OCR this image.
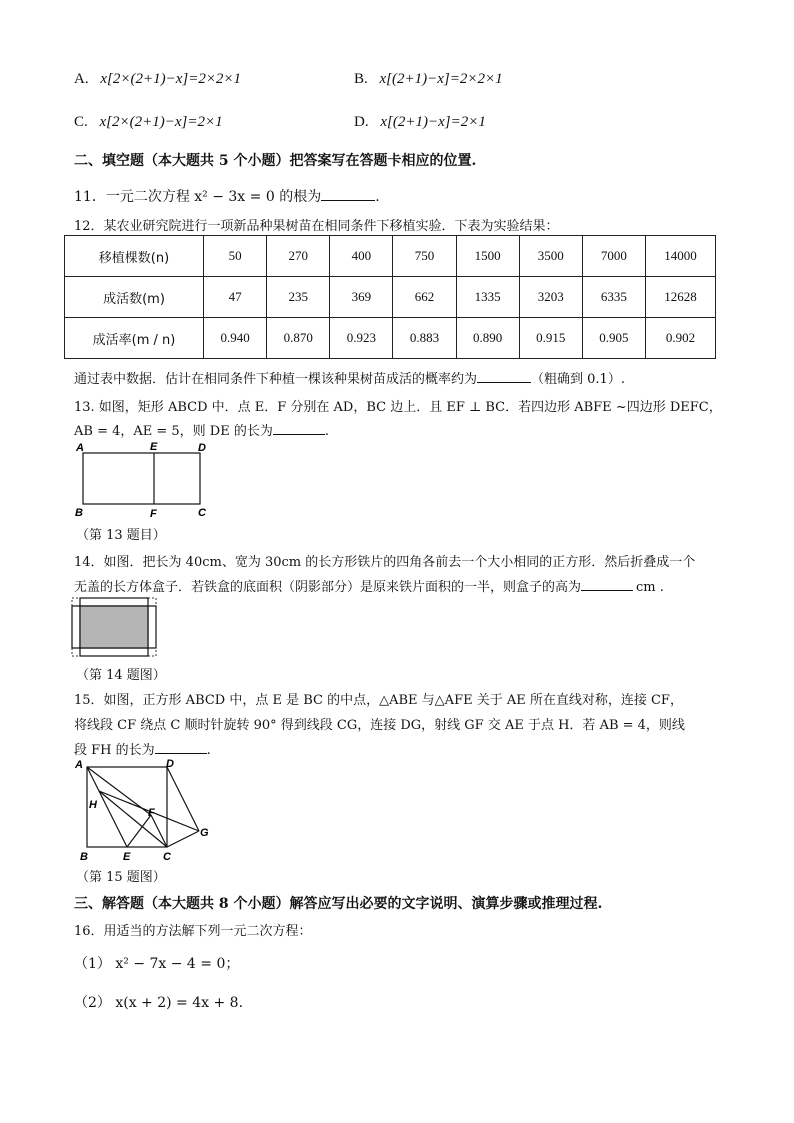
A. x[2×(2+1)−x]=2×2×1	B. x[(2+1)−x]=2×2×1
C. x[2×(2+1)−x]=2×1	D. x[(2+1)−x]=2×1
二、填空题（本大题共 5 个小题）把答案写在答题卡相应的位置.
11．一元二次方程 x² − 3x = 0 的根为	.
12．某农业研究院进行一项新品种果树苗在相同条件下移植实验．下表为实验结果：
移植棵数(n)	50	270	400	750	1500	3500	7000	14000
成活数(m)	47	235	369	662	1335	3203	6335	12628
成活率(m / n)	0.940	0.870	0.923	0.883	0.890	0.915	0.905	0.902
通过表中数据．估计在相同条件下种植一棵该种果树苗成活的概率约为	（粗确到 0.1）.
13. 如图，矩形 ABCD 中．点 E．F 分别在 AD，BC 边上．且 EF ⊥ BC．若四边形 ABFE ~四边形 DEFC，
AB = 4，AE = 5，则 DE 的长为	.
A	E	D
B	F	C
（第 13 题目）
14．如图．把长为 40cm、宽为 30cm 的长方形铁片的四角各前去一个大小相同的正方形．然后折叠成一个
无盖的长方体盒子．若铁盒的底面积（阴影部分）是原来铁片面积的一半，则盒子的高为	cm .
（第 14 题图）
15．如图，正方形 ABCD 中，点 E 是 BC 的中点，△ABE 与△AFE 关于 AE 所在直线对称，连接 CF，
将线段 CF 绕点 C 顺时针旋转 90° 得到线段 CG，连接 DG，射线 GF 交 AE 于点 H．若 AB = 4，则线
段 FH 的长为	.
A	D
H
F
G
B	E	C
（第 15 题图）
三、解答题（本大题共 8 个小题）解答应写出必要的文字说明、演算步骤或推理过程.
16．用适当的方法解下列一元二次方程：
（1） x² − 7x − 4 = 0；
（2） x(x + 2) = 4x + 8.
